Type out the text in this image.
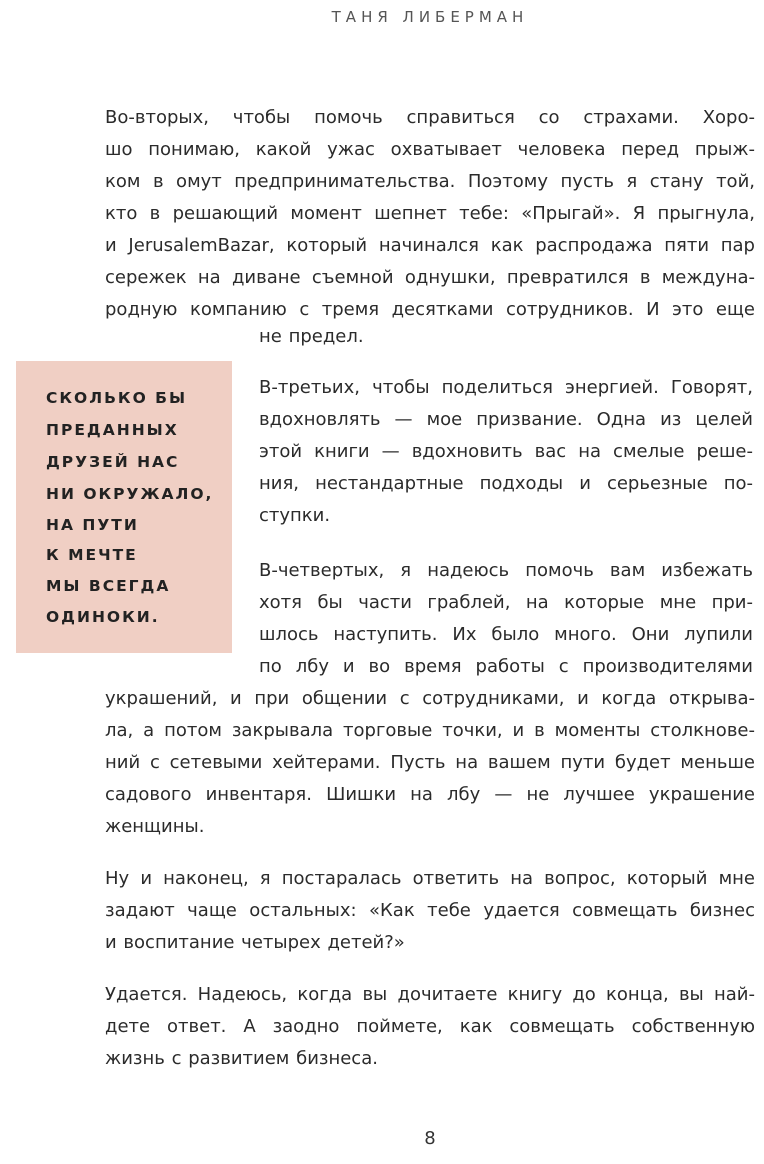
ТАНЯ ЛИБЕРМАН
Во-вторых, чтобы помочь справиться со страхами. Хоро-
шо понимаю, какой ужас охватывает человека перед прыж-
ком в омут предпринимательства. Поэтому пусть я стану той,
кто в решающий момент шепнет тебе: «Прыгай». Я прыгнула,
и JerusalemBazar, который начинался как распродажа пяти пар
сережек на диване съемной однушки, превратился в междуна-
родную компанию с тремя десятками сотрудников. И это еще
не предел.
СКОЛЬКО БЫ
ПРЕДАННЫХ
ДРУЗЕЙ НАС
НИ ОКРУЖАЛО,
НА ПУТИ
К МЕЧТЕ
МЫ ВСЕГДА
ОДИНОКИ.
В-третьих, чтобы поделиться энергией. Говорят,
вдохновлять — мое призвание. Одна из целей
этой книги — вдохновить вас на смелые реше-
ния, нестандартные подходы и серьезные по-
ступки.
В-четвертых, я надеюсь помочь вам избежать
хотя бы части граблей, на которые мне при-
шлось наступить. Их было много. Они лупили
по лбу и во время работы с производителями
украшений, и при общении с сотрудниками, и когда открыва-
ла, а потом закрывала торговые точки, и в моменты столкнове-
ний с сетевыми хейтерами. Пусть на вашем пути будет меньше
садового инвентаря. Шишки на лбу — не лучшее украшение
женщины.
Ну и наконец, я постаралась ответить на вопрос, который мне
задают чаще остальных: «Как тебе удается совмещать бизнес
и воспитание четырех детей?»
Удается. Надеюсь, когда вы дочитаете книгу до конца, вы най-
дете ответ. А заодно поймете, как совмещать собственную
жизнь с развитием бизнеса.
8
